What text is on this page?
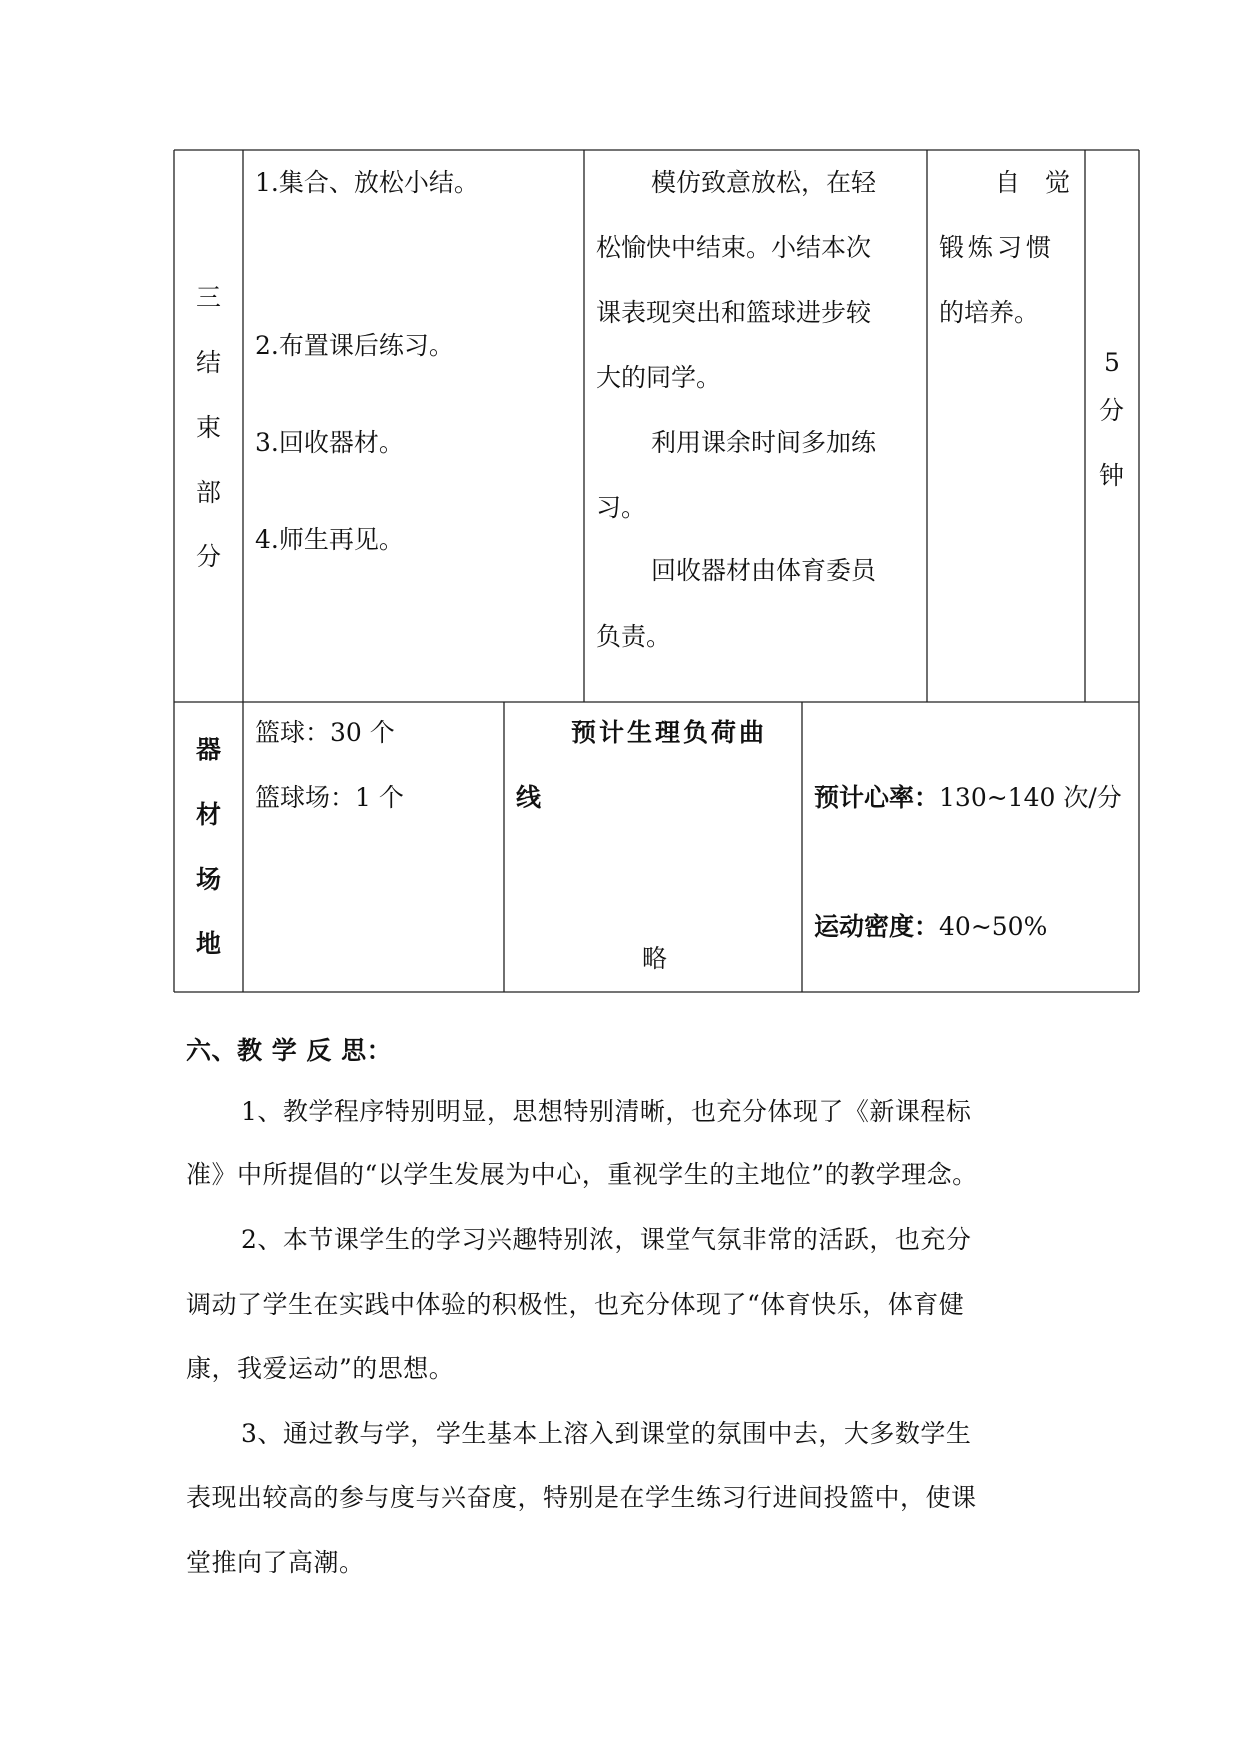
三
结
束
部
分
1.集合、放松小结。
2.布置课后练习。
3.回收器材。
4.师生再见。
模仿致意放松，在轻
松愉快中结束。小结本次
课表现突出和篮球进步较
大的同学。
利用课余时间多加练
习。
回收器材由体育委员
负责。
自　觉
锻炼习惯
的培养。
5
分
钟
器
材
场
地
篮球：30 个
篮球场：1 个
预计生理负荷曲
线
略
预计心率：130~140 次/分
运动密度：40~50%
六、教 学 反 思：
1、教学程序特别明显，思想特别清晰，也充分体现了《新课程标
准》中所提倡的“以学生发展为中心，重视学生的主地位”的教学理念。
2、本节课学生的学习兴趣特别浓，课堂气氛非常的活跃，也充分
调动了学生在实践中体验的积极性，也充分体现了“体育快乐，体育健
康，我爱运动”的思想。
3、通过教与学，学生基本上溶入到课堂的氛围中去，大多数学生
表现出较高的参与度与兴奋度，特别是在学生练习行进间投篮中，使课
堂推向了高潮。
